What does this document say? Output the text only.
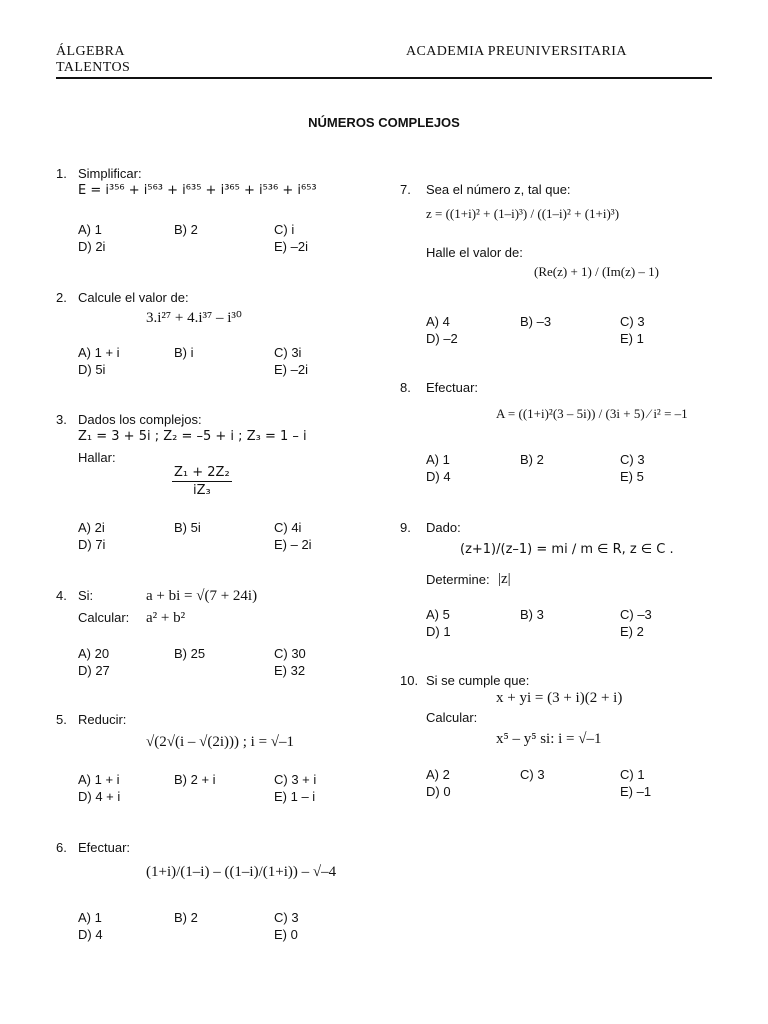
ÁLGEBRA
TALENTOS
ACADEMIA PREUNIVERSITARIA
NÚMEROS COMPLEJOS
1. Simplificar:
E = i³⁵⁶ + i⁵⁶³ + i⁶³⁵ + i³⁶⁵ + i⁵³⁶ + i⁶⁵³
A) 1	B) 2	C) i
D) 2i	E) –2i
2. Calcule el valor de:
3.i²⁷ + 4.i³⁷ – i³⁰
A) 1 + i	B) i	C) 3i
D) 5i	E) –2i
3. Dados los complejos:
Z₁ = 3 + 5i ; Z₂ = –5 + i ; Z₃ = 1 – i
Hallar:
$\frac{\text{Z₁ + 2Z₂}}{\text{iZ₃}}$
A) 2i	B) 5i	C) 4i
D) 7i	E) – 2i
4. Si:	a + bi = √(7 + 24i)
Calcular: a² + b²
A) 20	B) 25	C) 30
D) 27	E) 32
5. Reducir:
√(2√(i – √(2i))) ; i = √–1
A) 1 + i	B) 2 + i	C) 3 + i
D) 4 + i	E) 1 – i
6. Efectuar:
(1+i)/(1–i) – ((1–i)/(1+i)) – √–4
A) 1	B) 2	C) 3
D) 4	E) 0
7. Sea el número z, tal que:
z = ((1+i)² + (1–i)³) / ((1–i)² + (1+i)³)
Halle el valor de:
(Re(z) + 1) / (Im(z) – 1)
A) 4	B) –3	C) 3
D) –2	E) 1
8. Efectuar:
A = ((1+i)²(3 – 5i)) / (3i + 5) ∕ i² = –1
A) 1	B) 2	C) 3
D) 4	E) 5
9. Dado:
(z+1)/(z–1) = mi ∕ m ∈ R, z ∈ C .
Determine: |z|
A) 5	B) 3	C) –3
D) 1	E) 2
10. Si se cumple que:
x + yi = (3 + i)(2 + i)
Calcular:
x⁵ – y⁵ si: i = √–1
A) 2	C) 3	C) 1
D) 0	E) –1
